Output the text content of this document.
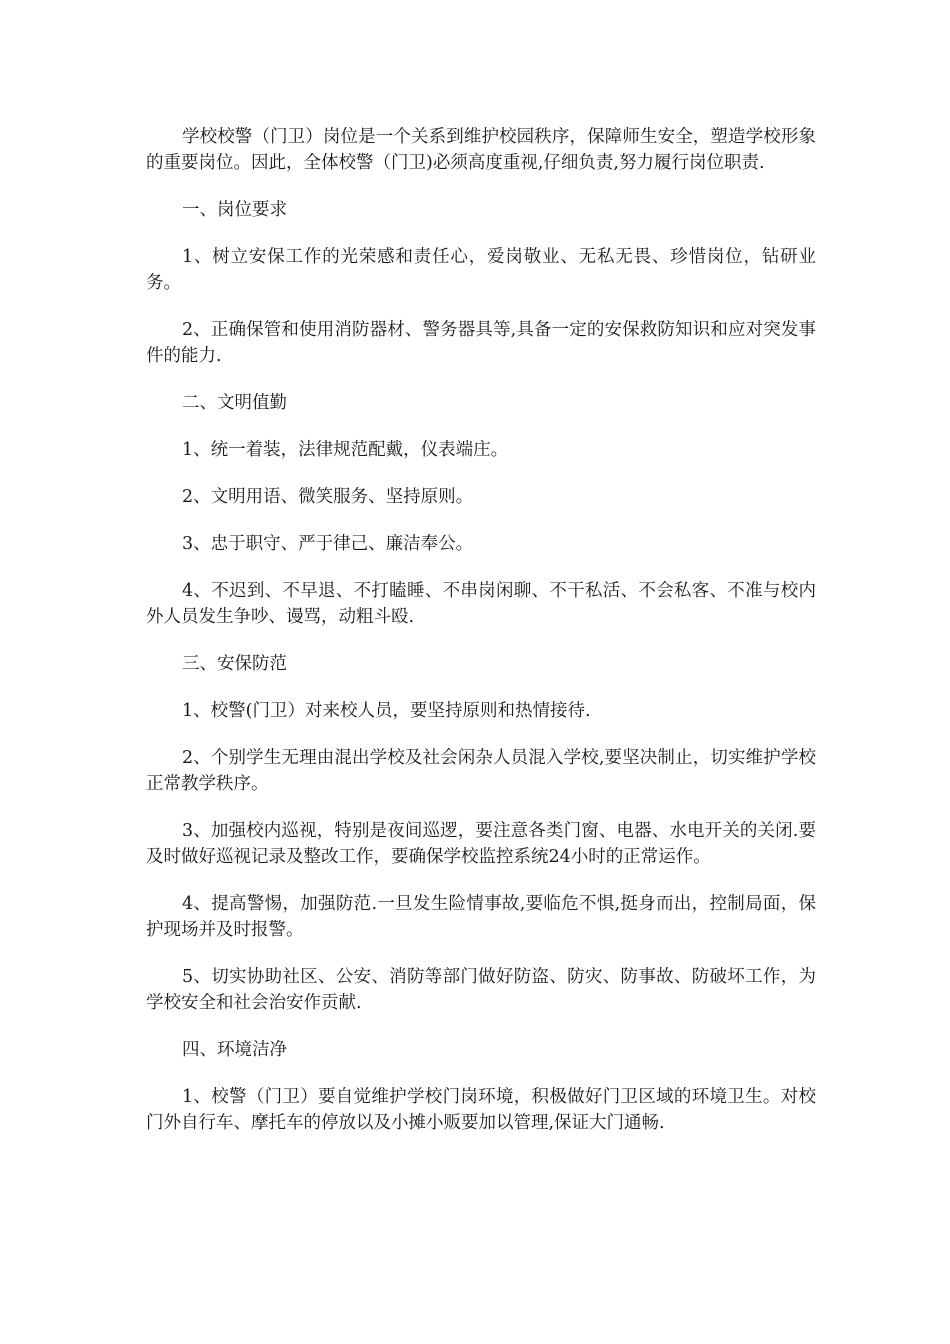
学校校警（门卫）岗位是一个关系到维护校园秩序，保障师生安全，塑造学校形象的重要岗位。因此，全体校警（门卫)必须高度重视,仔细负责,努力履行岗位职责.

一、岗位要求

1、树立安保工作的光荣感和责任心，爱岗敬业、无私无畏、珍惜岗位，钻研业务。

2、正确保管和使用消防器材、警务器具等,具备一定的安保救防知识和应对突发事件的能力.

二、文明值勤

1、统一着装，法律规范配戴，仪表端庄。

2、文明用语、微笑服务、坚持原则。

3、忠于职守、严于律己、廉洁奉公。

4、不迟到、不早退、不打瞌睡、不串岗闲聊、不干私活、不会私客、不准与校内外人员发生争吵、谩骂，动粗斗殴.

三、安保防范

1、校警(门卫）对来校人员，要坚持原则和热情接待.

2、个别学生无理由混出学校及社会闲杂人员混入学校,要坚决制止，切实维护学校正常教学秩序。

3、加强校内巡视，特别是夜间巡逻，要注意各类门窗、电器、水电开关的关闭.要及时做好巡视记录及整改工作，要确保学校监控系统24小时的正常运作。

4、提高警惕，加强防范.一旦发生险情事故,要临危不惧,挺身而出，控制局面，保护现场并及时报警。

5、切实协助社区、公安、消防等部门做好防盗、防灾、防事故、防破坏工作，为学校安全和社会治安作贡献.

四、环境洁净

1、校警（门卫）要自觉维护学校门岗环境，积极做好门卫区域的环境卫生。对校门外自行车、摩托车的停放以及小摊小贩要加以管理,保证大门通畅.
